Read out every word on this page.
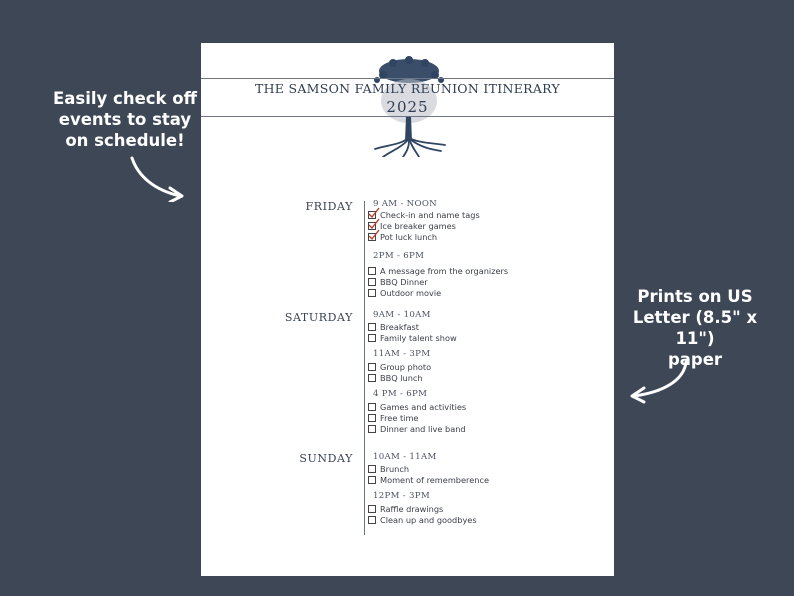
Easily check off
events to stay
on schedule!
Prints on US
Letter (8.5" x 11")
paper
THE SAMSON FAMILY REUNION ITINERARY
2025
FRIDAY 9 AM - NOON
Check-in and name tags
Ice breaker games
Pot luck lunch
2PM - 6PM
A message from the organizers
BBQ Dinner
Outdoor movie
SATURDAY 9AM - 10AM
Breakfast
Family talent show
11AM - 3PM
Group photo
BBQ lunch
4 PM - 6PM
Games and activities
Free time
Dinner and live band
SUNDAY 10AM - 11AM
Brunch
Moment of rememberence
12PM - 3PM
Raffle drawings
Clean up and goodbyes
